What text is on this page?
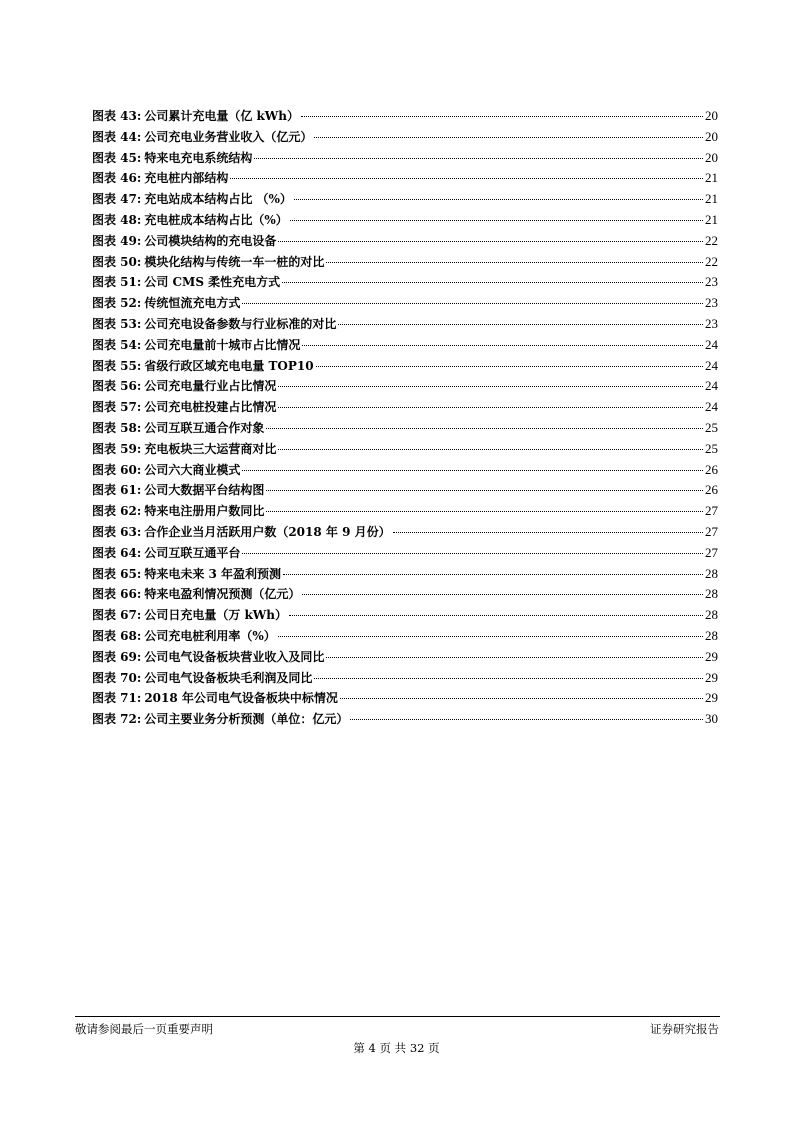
图表 43: 公司累计充电量（亿 kWh）	20
图表 44: 公司充电业务营业收入（亿元）	20
图表 45: 特来电充电系统结构	20
图表 46: 充电桩内部结构	21
图表 47: 充电站成本结构占比 （%）	21
图表 48: 充电桩成本结构占比（%）	21
图表 49: 公司模块结构的充电设备	22
图表 50: 模块化结构与传统一车一桩的对比	22
图表 51: 公司 CMS 柔性充电方式	23
图表 52: 传统恒流充电方式	23
图表 53: 公司充电设备参数与行业标准的对比	23
图表 54: 公司充电量前十城市占比情况	24
图表 55: 省级行政区域充电电量 TOP10	24
图表 56: 公司充电量行业占比情况	24
图表 57: 公司充电桩投建占比情况	24
图表 58: 公司互联互通合作对象	25
图表 59: 充电板块三大运营商对比	25
图表 60: 公司六大商业模式	26
图表 61: 公司大数据平台结构图	26
图表 62: 特来电注册用户数同比	27
图表 63: 合作企业当月活跃用户数（2018 年 9 月份）	27
图表 64: 公司互联互通平台	27
图表 65: 特来电未来 3 年盈利预测	28
图表 66: 特来电盈利情况预测（亿元）	28
图表 67: 公司日充电量（万 kWh）	28
图表 68: 公司充电桩利用率（%）	28
图表 69: 公司电气设备板块营业收入及同比	29
图表 70: 公司电气设备板块毛利润及同比	29
图表 71: 2018 年公司电气设备板块中标情况	29
图表 72: 公司主要业务分析预测（单位：亿元）	30
敬请参阅最后一页重要声明	证券研究报告
第 4 页 共 32 页
